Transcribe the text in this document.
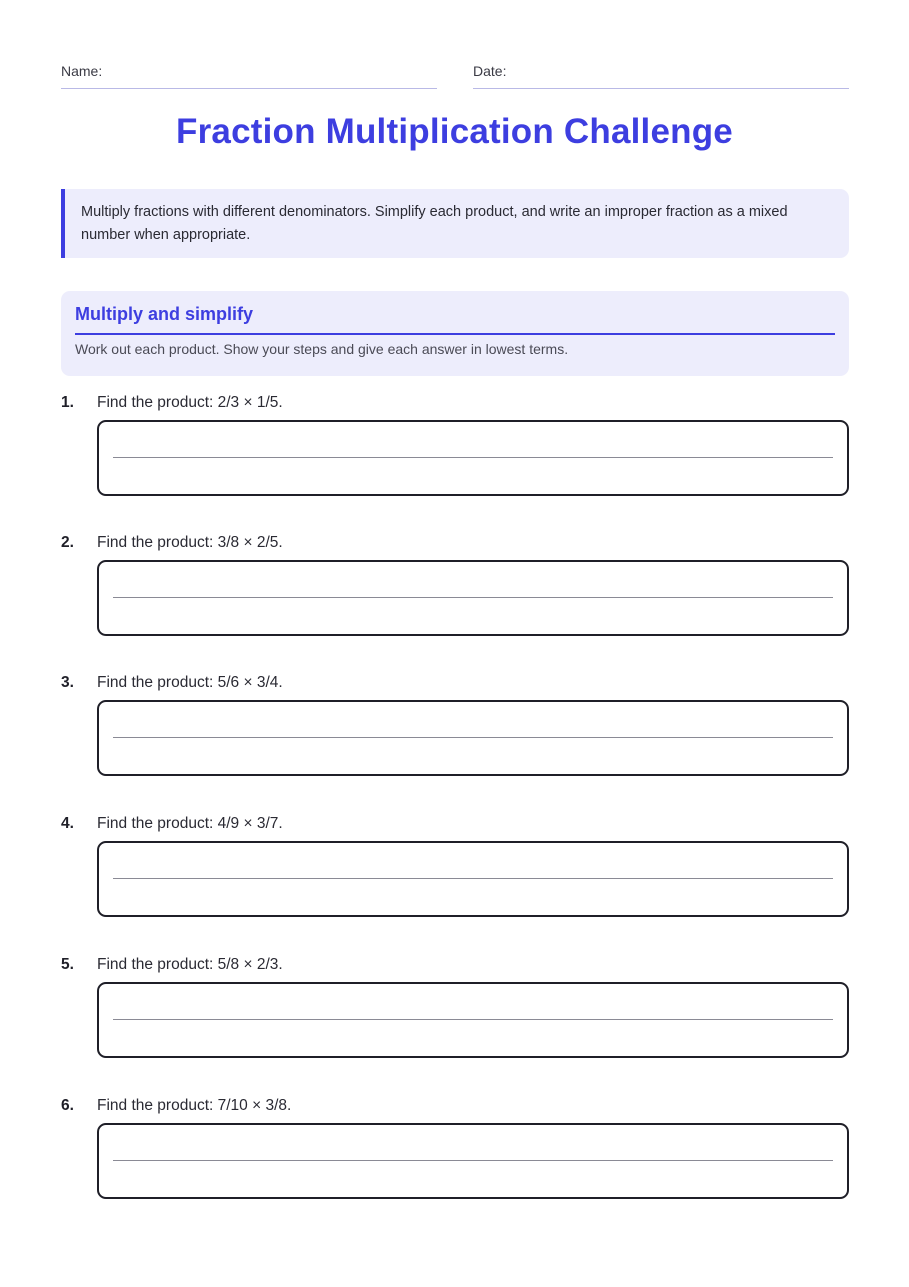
Name:	Date:
Fraction Multiplication Challenge
Multiply fractions with different denominators. Simplify each product, and write an improper fraction as a mixed number when appropriate.
Multiply and simplify
Work out each product. Show your steps and give each answer in lowest terms.
1. Find the product: 2/3 × 1/5.
2. Find the product: 3/8 × 2/5.
3. Find the product: 5/6 × 3/4.
4. Find the product: 4/9 × 3/7.
5. Find the product: 5/8 × 2/3.
6. Find the product: 7/10 × 3/8.
